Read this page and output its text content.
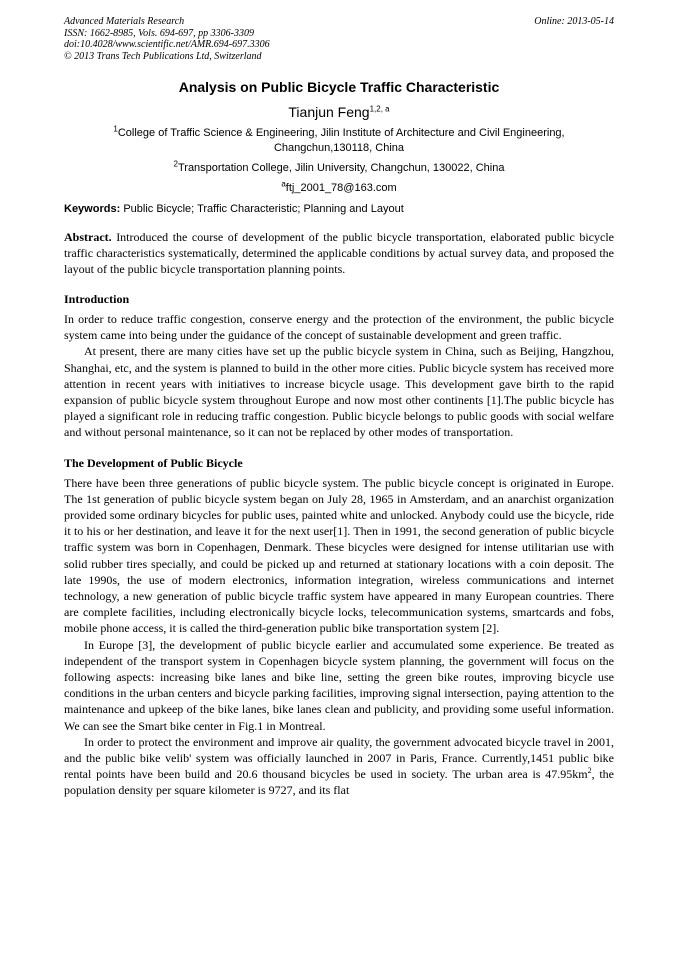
Advanced Materials Research
ISSN: 1662-8985, Vols. 694-697, pp 3306-3309
doi:10.4028/www.scientific.net/AMR.694-697.3306
© 2013 Trans Tech Publications Ltd, Switzerland
Online: 2013-05-14
Analysis on Public Bicycle Traffic Characteristic
Tianjun Feng$^{1,2, a}$
$^1$College of Traffic Science & Engineering, Jilin Institute of Architecture and Civil Engineering, Changchun,130118, China
$^2$Transportation College, Jilin University, Changchun, 130022, China
$^a$ftj_2001_78@163.com
Keywords: Public Bicycle; Traffic Characteristic; Planning and Layout
Abstract. Introduced the course of development of the public bicycle transportation, elaborated public bicycle traffic characteristics systematically, determined the applicable conditions by actual survey data, and proposed the layout of the public bicycle transportation planning points.
Introduction

In order to reduce traffic congestion, conserve energy and the protection of the environment, the public bicycle system came into being under the guidance of the concept of sustainable development and green traffic.

At present, there are many cities have set up the public bicycle system in China, such as Beijing, Hangzhou, Shanghai, etc, and the system is planned to build in the other more cities. Public bicycle system has received more attention in recent years with initiatives to increase bicycle usage. This development gave birth to the rapid expansion of public bicycle system throughout Europe and now most other continents [1].The public bicycle has played a significant role in reducing traffic congestion. Public bicycle belongs to public goods with social welfare and without personal maintenance, so it can not be replaced by other modes of transportation.

The Development of Public Bicycle

There have been three generations of public bicycle system. The public bicycle concept is originated in Europe. The 1st generation of public bicycle system began on July 28, 1965 in Amsterdam, and an anarchist organization provided some ordinary bicycles for public uses, painted white and unlocked. Anybody could use the bicycle, ride it to his or her destination, and leave it for the next user[1]. Then in 1991, the second generation of public bicycle traffic system was born in Copenhagen, Denmark. These bicycles were designed for intense utilitarian use with solid rubber tires specially, and could be picked up and returned at stationary locations with a coin deposit. The late 1990s, the use of modern electronics, information integration, wireless communications and internet technology, a new generation of public bicycle traffic system have appeared in many European countries. There are complete facilities, including electronically bicycle locks, telecommunication systems, smartcards and fobs, mobile phone access, it is called the third-generation public bike transportation system [2].

In Europe [3], the development of public bicycle earlier and accumulated some experience. Be treated as independent of the transport system in Copenhagen bicycle system planning, the government will focus on the following aspects: increasing bike lanes and bike line, setting the green bike routes, improving bicycle use conditions in the urban centers and bicycle parking facilities, improving signal intersection, paying attention to the maintenance and upkeep of the bike lanes, bike lanes clean and publicity, and providing some useful information. We can see the Smart bike center in Fig.1 in Montreal.

In order to protect the environment and improve air quality, the government advocated bicycle travel in 2001, and the public bike velib' system was officially launched in 2007 in Paris, France. Currently,1451 public bike rental points have been build and 20.6 thousand bicycles be used in society. The urban area is $47.95km^2$, the population density per square kilometer is 9727, and its flat
